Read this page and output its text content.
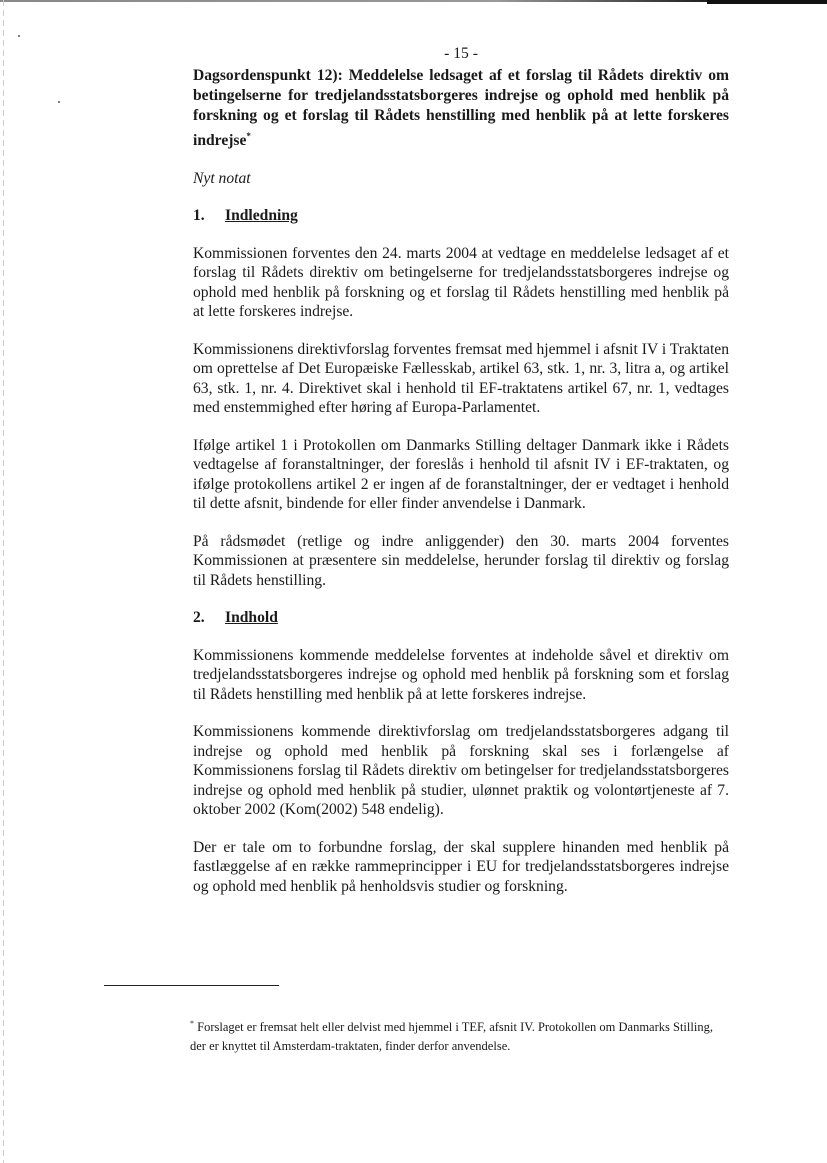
- 15 -

Dagsordenspunkt 12): Meddelelse ledsaget af et forslag til Rådets direktiv om betingelserne for tredjelandsstatsborgeres indrejse og ophold med henblik på forskning og et forslag til Rådets henstilling med henblik på at lette forskeres indrejse*

Nyt notat
1. Indledning

Kommissionen forventes den 24. marts 2004 at vedtage en meddelelse ledsaget af et forslag til Rådets direktiv om betingelserne for tredjelandsstatsborgeres indrejse og ophold med henblik på forskning og et forslag til Rådets henstilling med henblik på at lette forskeres indrejse.

Kommissionens direktivforslag forventes fremsat med hjemmel i afsnit IV i Traktaten om oprettelse af Det Europæiske Fællesskab, artikel 63, stk. 1, nr. 3, litra a, og artikel 63, stk. 1, nr. 4. Direktivet skal i henhold til EF-traktatens artikel 67, nr. 1, vedtages med enstemmighed efter høring af Europa-Parlamentet.

Ifølge artikel 1 i Protokollen om Danmarks Stilling deltager Danmark ikke i Rådets vedtagelse af foranstaltninger, der foreslås i henhold til afsnit IV i EF-traktaten, og ifølge protokollens artikel 2 er ingen af de foranstaltninger, der er vedtaget i henhold til dette afsnit, bindende for eller finder anvendelse i Danmark.

På rådsmødet (retlige og indre anliggender) den 30. marts 2004 forventes Kommissionen at præsentere sin meddelelse, herunder forslag til direktiv og forslag til Rådets henstilling.

2. Indhold

Kommissionens kommende meddelelse forventes at indeholde såvel et direktiv om tredjelandsstatsborgeres indrejse og ophold med henblik på forskning som et forslag til Rådets henstilling med henblik på at lette forskeres indrejse.

Kommissionens kommende direktivforslag om tredjelandsstatsborgeres adgang til indrejse og ophold med henblik på forskning skal ses i forlængelse af Kommissionens forslag til Rådets direktiv om betingelser for tredjelandsstatsborgeres indrejse og ophold med henblik på studier, ulønnet praktik og volontørtjeneste af 7. oktober 2002 (Kom(2002) 548 endelig).

Der er tale om to forbundne forslag, der skal supplere hinanden med henblik på fastlæggelse af en række rammeprincipper i EU for tredjelandsstatsborgeres indrejse og ophold med henblik på henholdsvis studier og forskning.

* Forslaget er fremsat helt eller delvist med hjemmel i TEF, afsnit IV. Protokollen om Danmarks Stilling, der er knyttet til Amsterdam-traktaten, finder derfor anvendelse.
